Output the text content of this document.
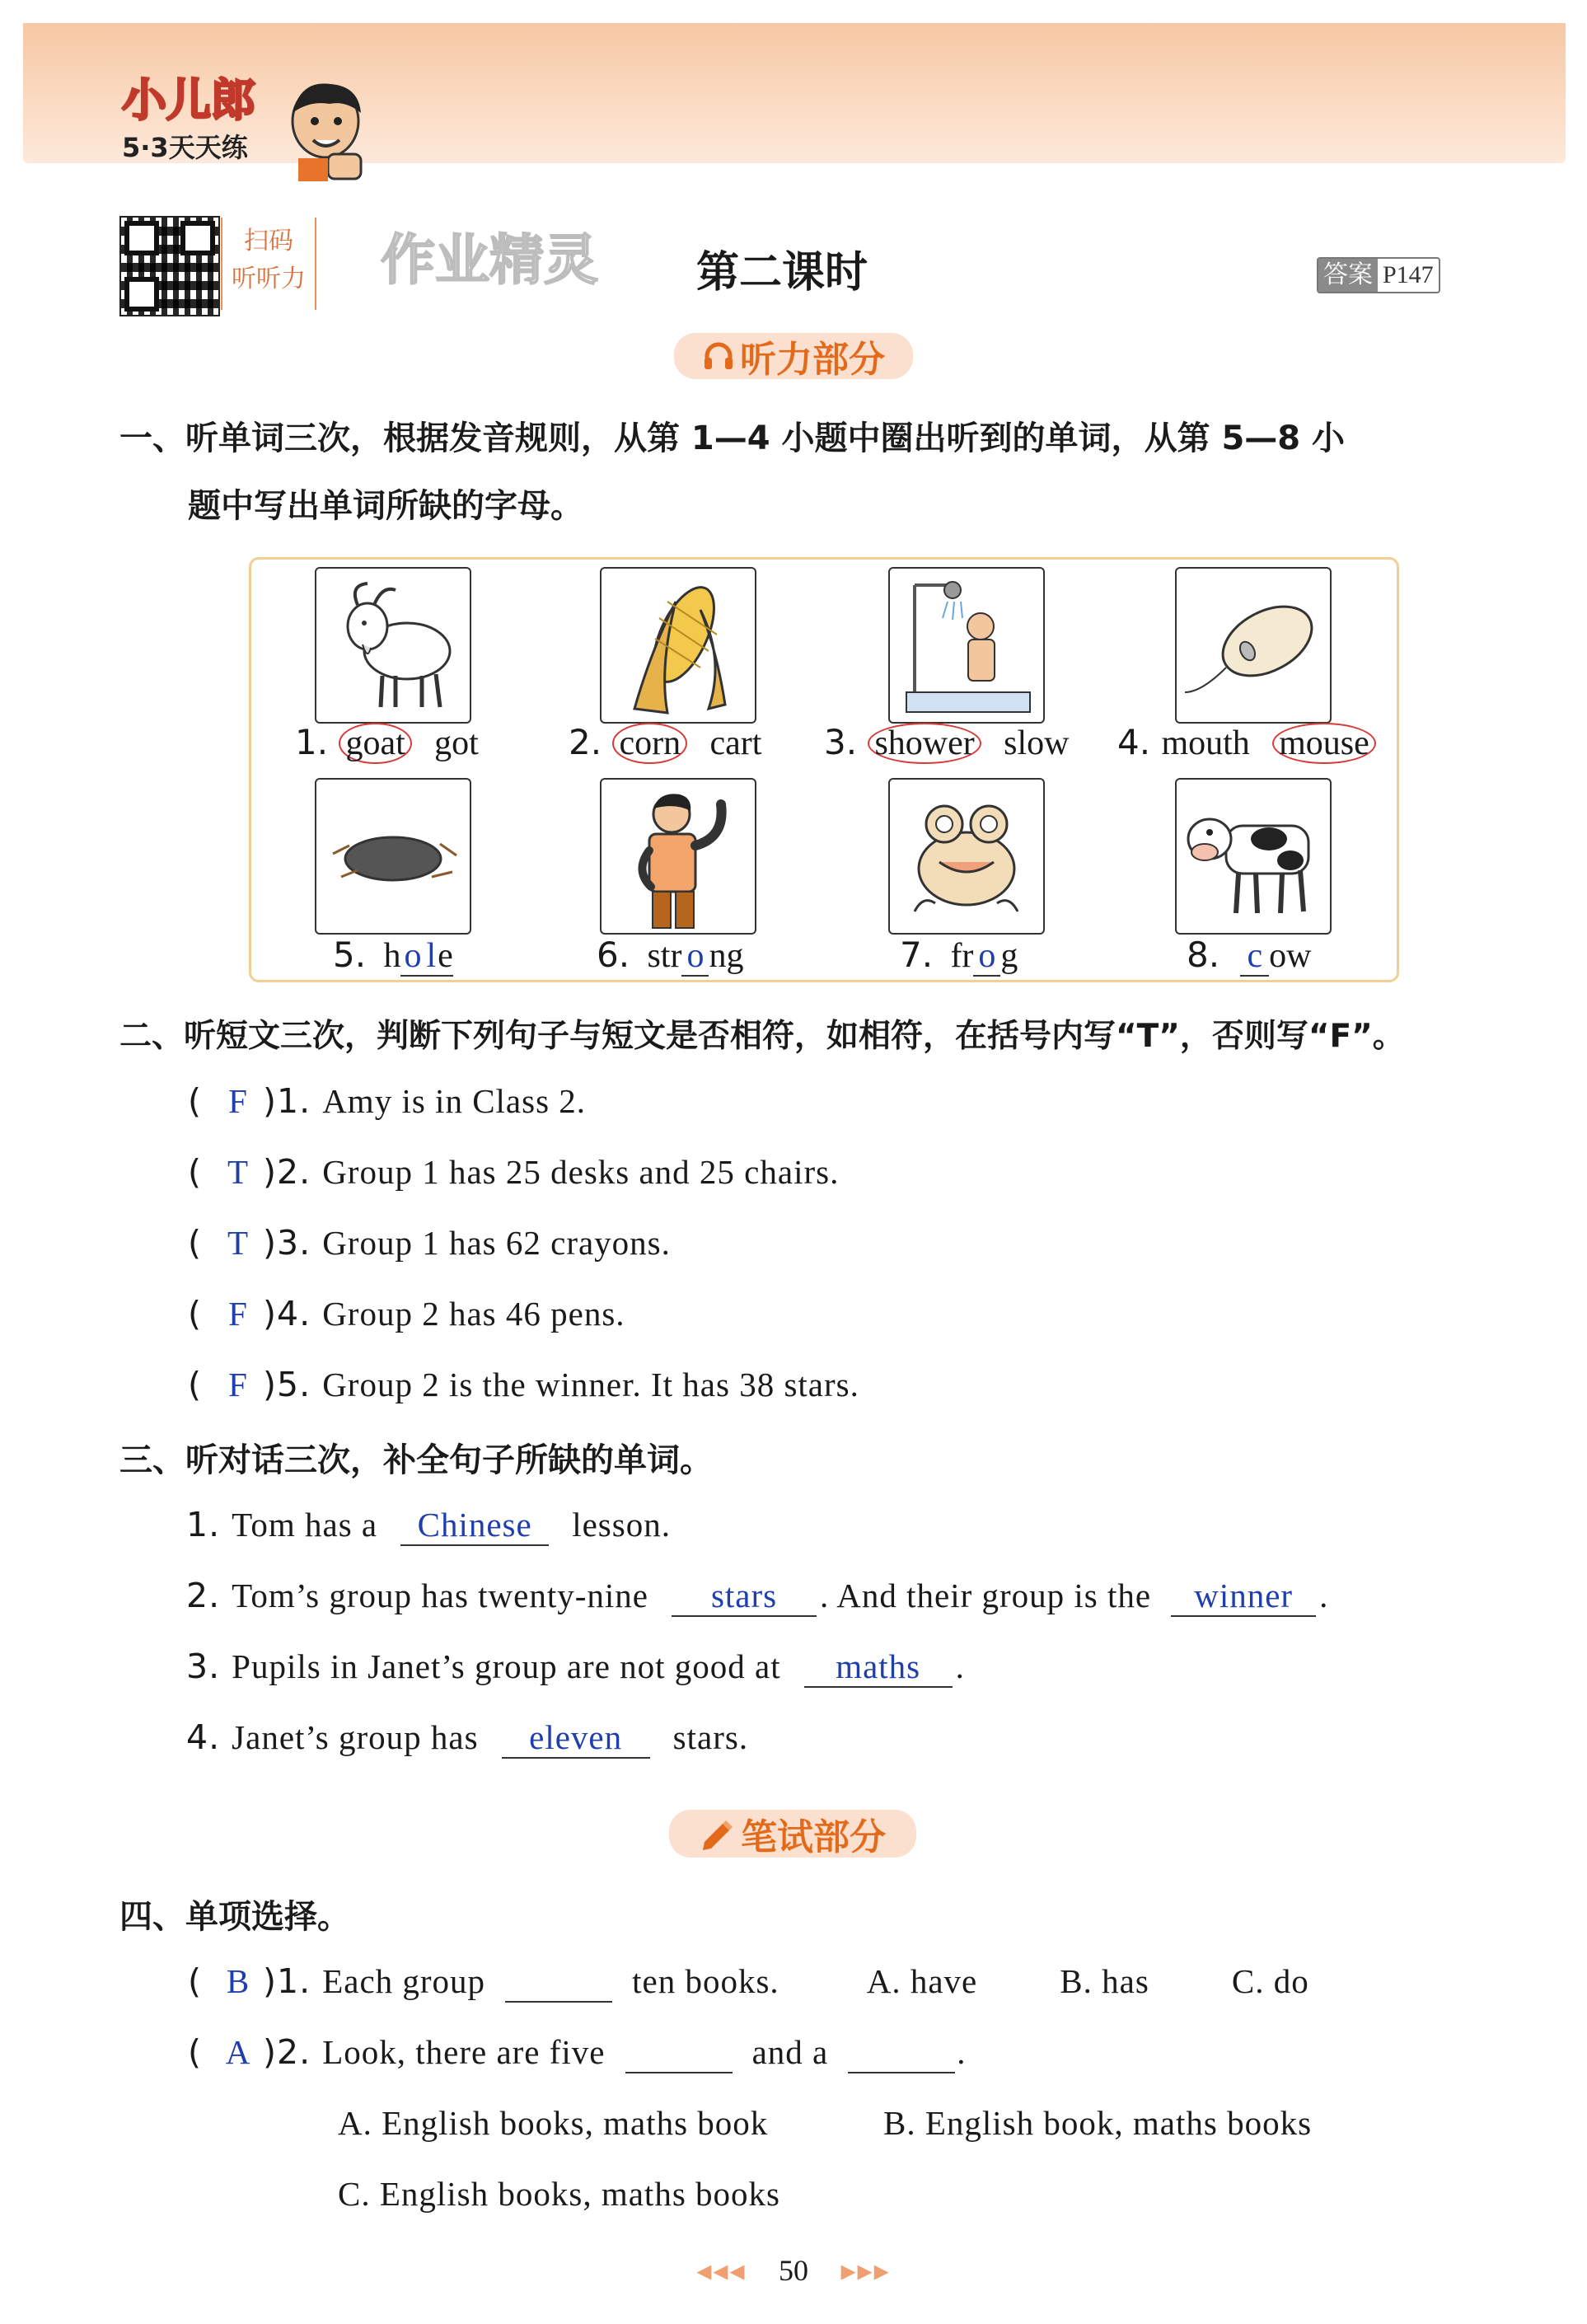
小儿郎
5·3天天练
扫码
听听力 作业精灵 第二课时	答案 P147
听力部分
一、听单词三次，根据发音规则，从第 1—4 小题中圈出听到的单词，从第 5—8 小
题中写出单词所缺的字母。
1. goat got	2. corn cart 3. shower slow 4. mouth mouse
5. ho le	6. str o ng	7. fr o g	8. c ow
二、听短文三次，判断下列句子与短文是否相符，如相符，在括号内写“T”，否则写“F”。
( F )1. Amy is in Class 2.
( T )2. Group 1 has 25 desks and 25 chairs.
( T )3. Group 1 has 62 crayons.
( F )4. Group 2 has 46 pens.
( F )5. Group 2 is the winner. It has 38 stars.
三、听对话三次，补全句子所缺的单词。
1. Tom has a Chinese lesson.
2. Tom’s group has twenty-nine stars . And their group is the winner .
3. Pupils in Janet’s group are not good at maths .
4. Janet’s group has eleven stars.
笔试部分
四、单项选择。
( B )1. Each group	ten books.	A. have B. has C. do
( A )2. Look, there are five	and a	.
A. English books, maths book	B. English book, maths books
C. English books, maths books
◂◂◂ 50 ▸▸▸
